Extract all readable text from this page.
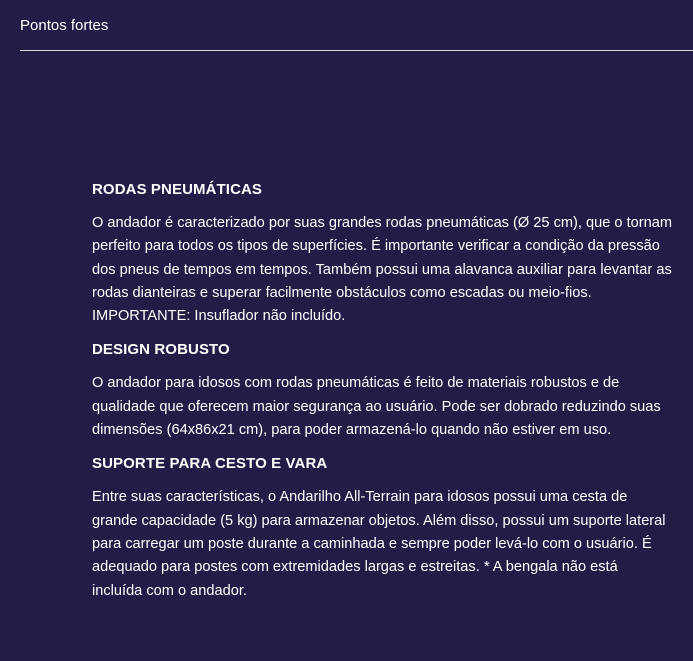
Pontos fortes

RODAS PNEUMÁTICAS

O andador é caracterizado por suas grandes rodas pneumáticas (Ø 25 cm), que o tornam perfeito para todos os tipos de superfícies. É importante verificar a condição da pressão dos pneus de tempos em tempos. Também possui uma alavanca auxiliar para levantar as rodas dianteiras e superar facilmente obstáculos como escadas ou meio-fios. IMPORTANTE: Insuflador não incluído.

DESIGN ROBUSTO

O andador para idosos com rodas pneumáticas é feito de materiais robustos e de qualidade que oferecem maior segurança ao usuário. Pode ser dobrado reduzindo suas dimensões (64x86x21 cm), para poder armazená-lo quando não estiver em uso.

SUPORTE PARA CESTO E VARA

Entre suas características, o Andarilho All-Terrain para idosos possui uma cesta de grande capacidade (5 kg) para armazenar objetos. Além disso, possui um suporte lateral para carregar um poste durante a caminhada e sempre poder levá-lo com o usuário. É adequado para postes com extremidades largas e estreitas. * A bengala não está incluída com o andador.
